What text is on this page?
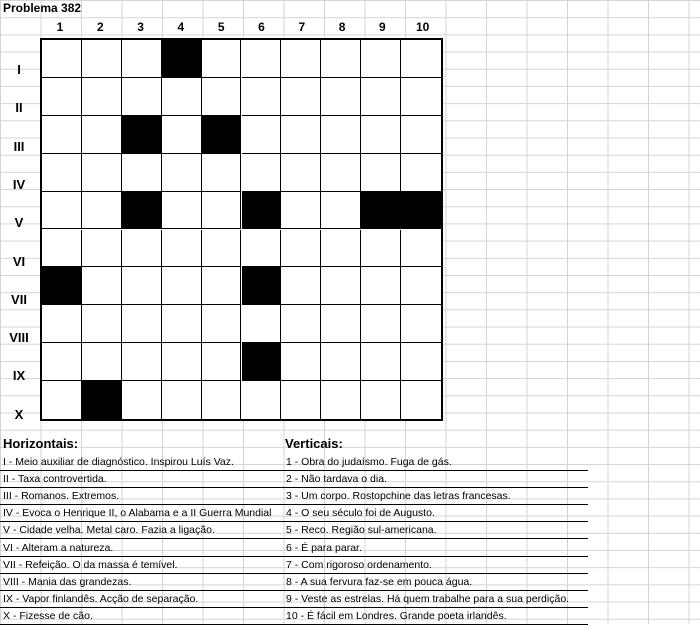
Problema 382
1	2	3	4	5	6	7	8	9	10
I
II
III
IV
V
VI
VII
VIII
IX
X
Horizontais:	Verticais:
I - Meio auxiliar de diagnóstico. Inspirou Luís Vaz.
II - Taxa controvertida.
III - Romanos. Extremos.
IV - Evoca o Henrique II, o Alabama e a II Guerra Mundial
V - Cidade velha. Metal caro. Fazia a ligação.
VI - Alteram a natureza.
VII - Refeição. O da massa é temível.
VIII - Mania das grandezas.
IX - Vapor finlandês. Acção de separação.
X - Fizesse de cão.
1 - Obra do judaísmo. Fuga de gás.
2 - Não tardava o dia.
3 - Um corpo. Rostopchine das letras francesas.
4 - O seu século foi de Augusto.
5 - Reco. Região sul-americana.
6 - É para parar.
7 - Com rigoroso ordenamento.
8 - A sua fervura faz-se em pouca água.
9 - Veste as estrelas. Há quem trabalhe para a sua perdição.
10 - É fácil em Londres. Grande poeta irlandês.
